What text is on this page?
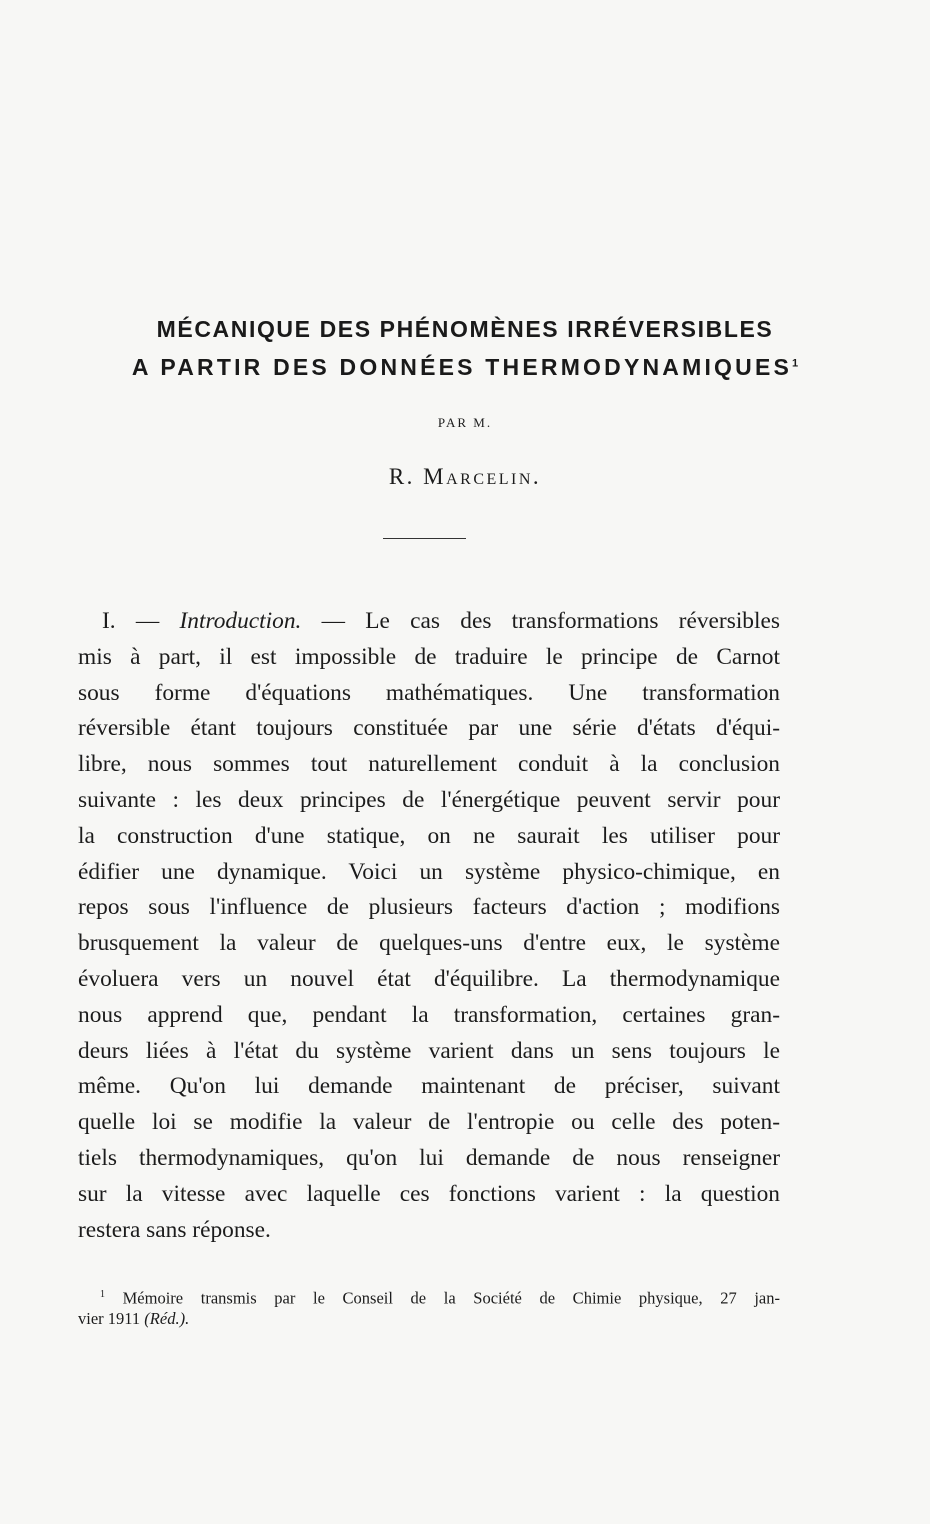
MÉCANIQUE DES PHÉNOMÈNES IRRÉVERSIBLES
A PARTIR DES DONNÉES THERMODYNAMIQUES$^1$
PAR M.
R. Marcelin.
I. — Introduction. — Le cas des transformations réversibles
mis à part, il est impossible de traduire le principe de Carnot
sous forme d'équations mathématiques. Une transformation
réversible étant toujours constituée par une série d'états d'équi-
libre, nous sommes tout naturellement conduit à la conclusion
suivante : les deux principes de l'énergétique peuvent servir pour
la construction d'une statique, on ne saurait les utiliser pour
édifier une dynamique. Voici un système physico-chimique, en
repos sous l'influence de plusieurs facteurs d'action ; modifions
brusquement la valeur de quelques-uns d'entre eux, le système
évoluera vers un nouvel état d'équilibre. La thermodynamique
nous apprend que, pendant la transformation, certaines gran-
deurs liées à l'état du système varient dans un sens toujours le
même. Qu'on lui demande maintenant de préciser, suivant
quelle loi se modifie la valeur de l'entropie ou celle des poten-
tiels thermodynamiques, qu'on lui demande de nous renseigner
sur la vitesse avec laquelle ces fonctions varient : la question
restera sans réponse.
$^1$ Mémoire transmis par le Conseil de la Société de Chimie physique, 27 jan-
vier 1911 (Réd.).
